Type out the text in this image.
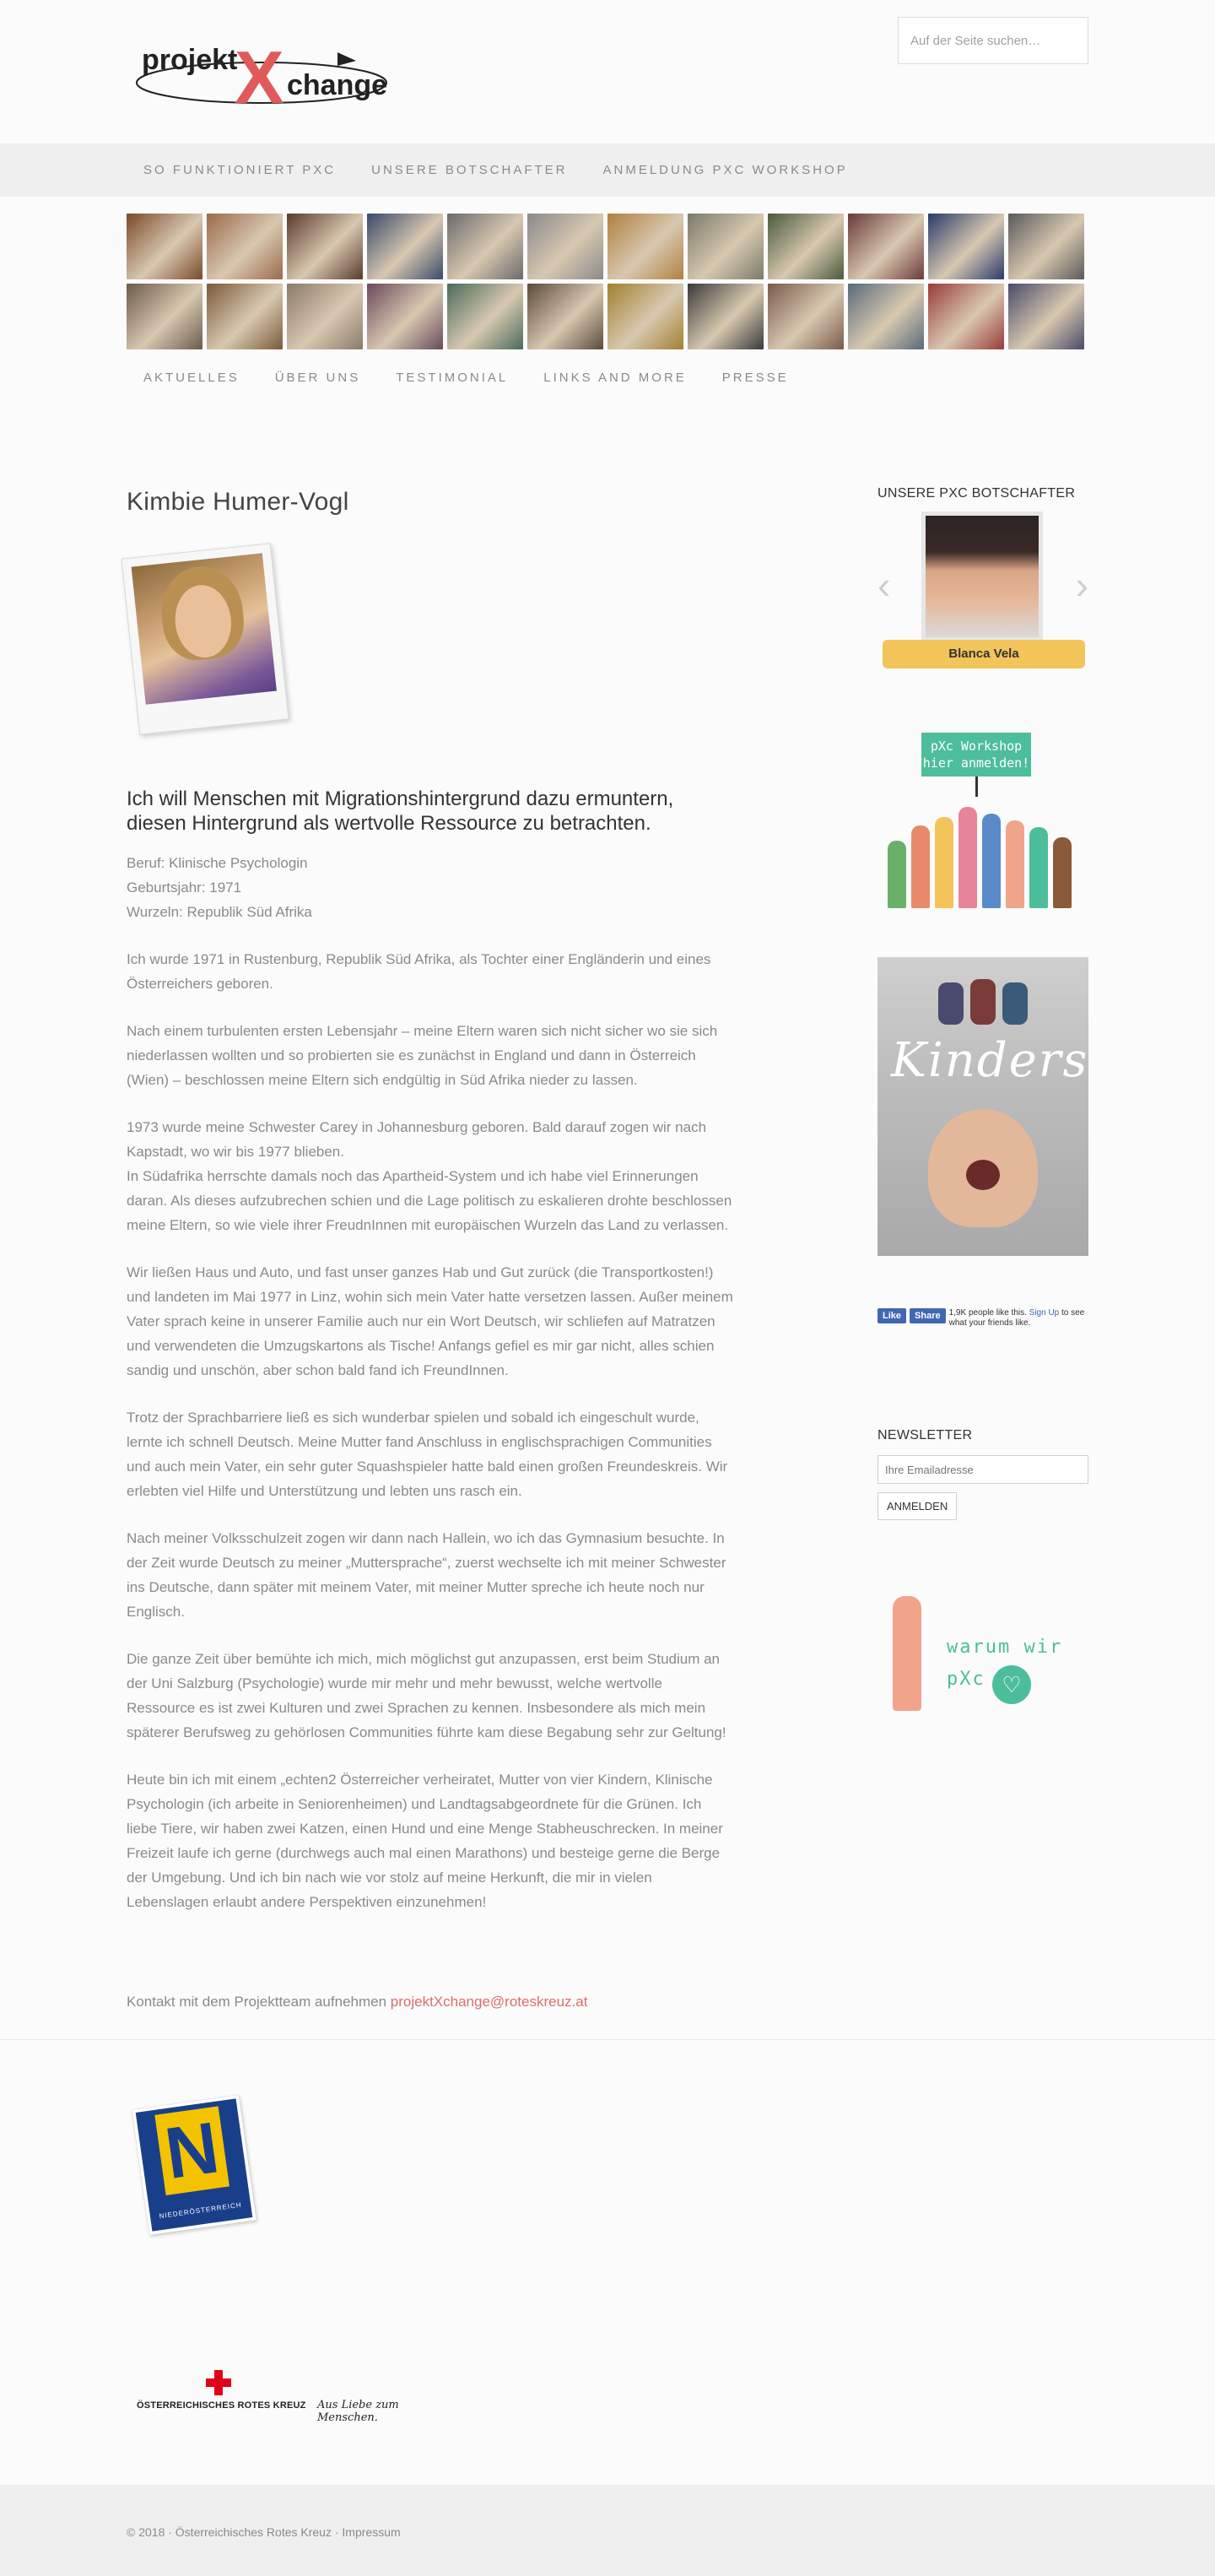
projekt
X change
Auf der Seite suchen…
SO FUNKTIONIERT PXC	UNSERE BOTSCHAFTER	ANMELDUNG PXC WORKSHOP
AKTUELLES	ÜBER UNS	TESTIMONIAL	LINKS AND MORE	PRESSE
Kimbie Humer-Vogl
Ich will Menschen mit Migrationshintergrund dazu ermuntern, diesen Hintergrund als wertvolle Ressource zu betrachten.
Beruf: Klinische Psychologin
Geburtsjahr: 1971
Wurzeln: Republik Süd Afrika

Ich wurde 1971 in Rustenburg, Republik Süd Afrika, als Tochter einer Engländerin und eines Österreichers geboren.

Nach einem turbulenten ersten Lebensjahr – meine Eltern waren sich nicht sicher wo sie sich niederlassen wollten und so probierten sie es zunächst in England und dann in Österreich (Wien) – beschlossen meine Eltern sich endgültig in Süd Afrika nieder zu lassen.

1973 wurde meine Schwester Carey in Johannesburg geboren. Bald darauf zogen wir nach Kapstadt, wo wir bis 1977 blieben.
In Südafrika herrschte damals noch das Apartheid-System und ich habe viel Erinnerungen daran. Als dieses aufzubrechen schien und die Lage politisch zu eskalieren drohte beschlossen meine Eltern, so wie viele ihrer FreudnInnen mit europäischen Wurzeln das Land zu verlassen.

Wir ließen Haus und Auto, und fast unser ganzes Hab und Gut zurück (die Transportkosten!) und landeten im Mai 1977 in Linz, wohin sich mein Vater hatte versetzen lassen. Außer meinem Vater sprach keine in unserer Familie auch nur ein Wort Deutsch, wir schliefen auf Matratzen und verwendeten die Umzugskartons als Tische! Anfangs gefiel es mir gar nicht, alles schien sandig und unschön, aber schon bald fand ich FreundInnen.

Trotz der Sprachbarriere ließ es sich wunderbar spielen und sobald ich eingeschult wurde, lernte ich schnell Deutsch. Meine Mutter fand Anschluss in englischsprachigen Communities und auch mein Vater, ein sehr guter Squashspieler hatte bald einen großen Freundeskreis. Wir erlebten viel Hilfe und Unterstützung und lebten uns rasch ein.

Nach meiner Volksschulzeit zogen wir dann nach Hallein, wo ich das Gymnasium besuchte. In der Zeit wurde Deutsch zu meiner „Muttersprache“, zuerst wechselte ich mit meiner Schwester ins Deutsche, dann später mit meinem Vater, mit meiner Mutter spreche ich heute noch nur Englisch.

Die ganze Zeit über bemühte ich mich, mich möglichst gut anzupassen, erst beim Studium an der Uni Salzburg (Psychologie) wurde mir mehr und mehr bewusst, welche wertvolle Ressource es ist zwei Kulturen und zwei Sprachen zu kennen. Insbesondere als mich mein späterer Berufsweg zu gehörlosen Communities führte kam diese Begabung sehr zur Geltung!

Heute bin ich mit einem „echten2 Österreicher verheiratet, Mutter von vier Kindern, Klinische Psychologin (ich arbeite in Seniorenheimen) und Landtagsabgeordnete für die Grünen. Ich liebe Tiere, wir haben zwei Katzen, einen Hund und eine Menge Stabheuschrecken. In meiner Freizeit laufe ich gerne (durchwegs auch mal einen Marathons) und besteige gerne die Berge der Umgebung. Und ich bin nach wie vor stolz auf meine Herkunft, die mir in vielen Lebenslagen erlaubt andere Perspektiven einzunehmen!

Kontakt mit dem Projektteam aufnehmen projektXchange@roteskreuz.at
UNSERE PXC BOTSCHAFTER
‹	›
Blanca Vela
pXc Workshop
hier anmelden!
Kinders
Like	Share	1,9K people like this. Sign Up to see what your friends like.
NEWSLETTER
Ihre Emailadresse ANMELDEN
warum wir
pXc ♡
N
NIEDERÖSTERREICH
ÖSTERREICHISCHES ROTES KREUZ Aus Liebe zum Menschen.
© 2018 · Österreichisches Rotes Kreuz · Impressum
